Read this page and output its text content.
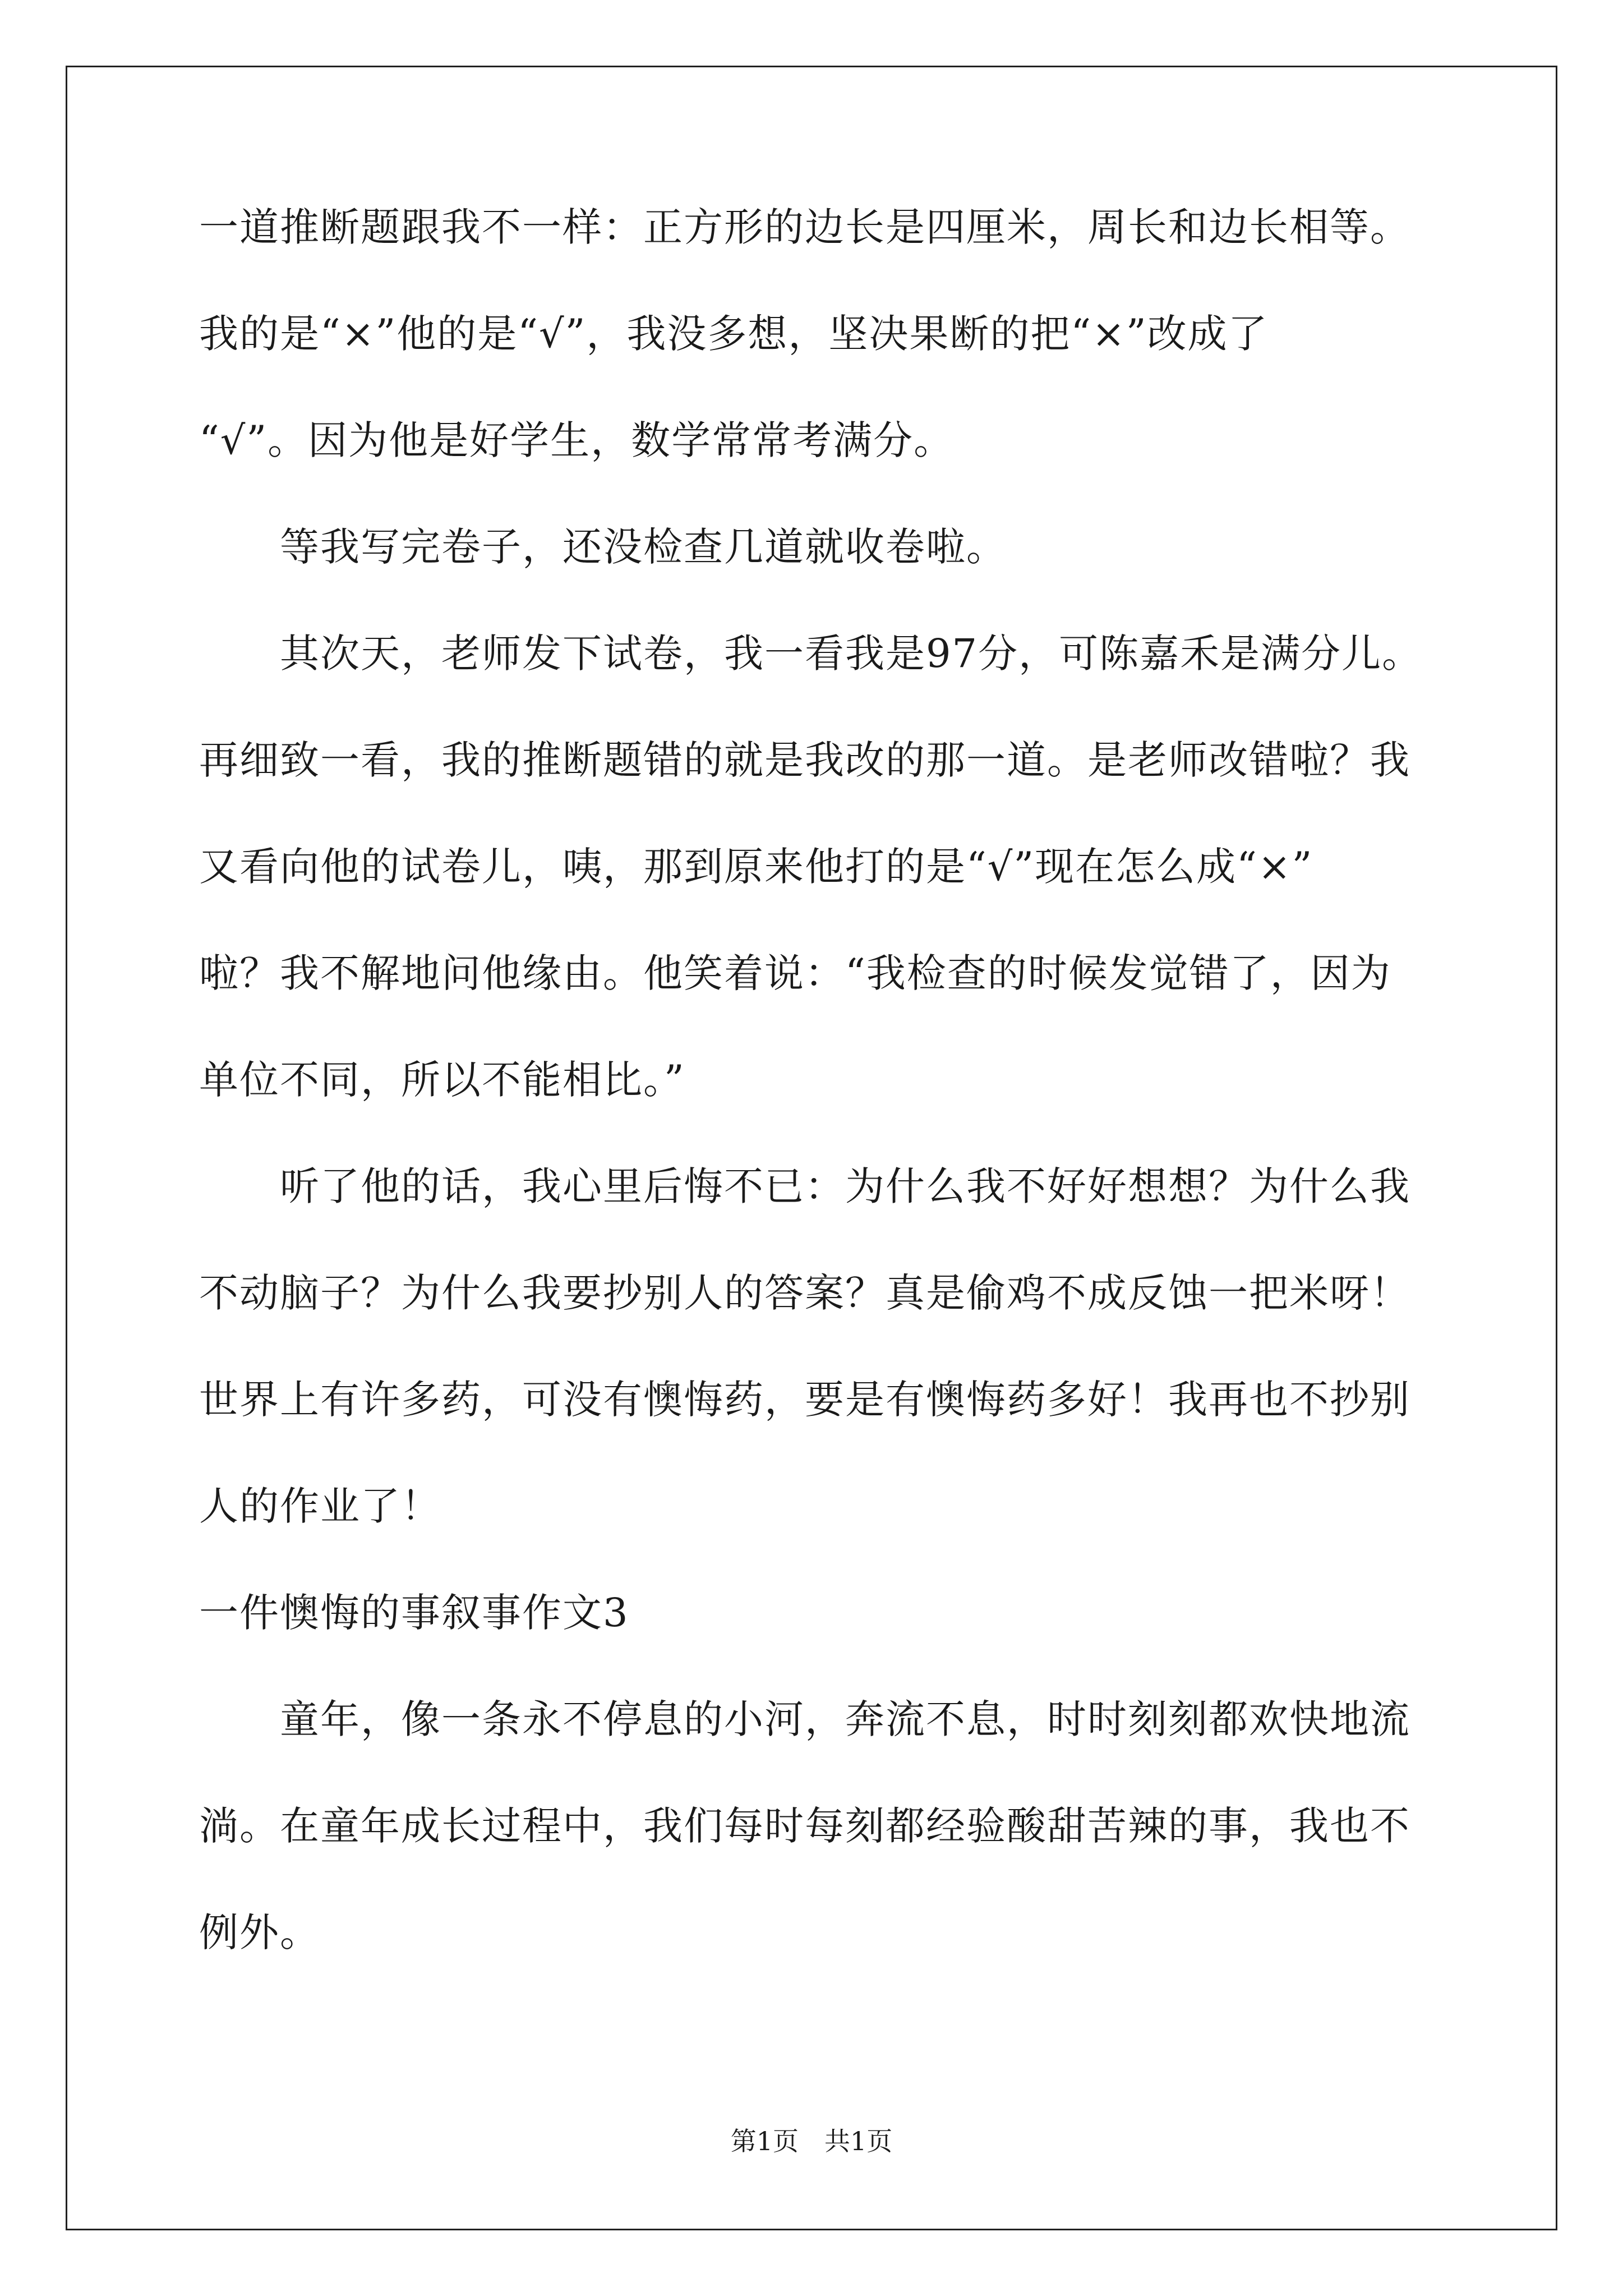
一道推断题跟我不一样：正方形的边长是四厘米，周长和边长相等。
我的是“×”他的是“√”，我没多想，坚决果断的把“×”改成了
“√”。因为他是好学生，数学常常考满分。
　　等我写完卷子，还没检查几道就收卷啦。
　　其次天，老师发下试卷，我一看我是97分，可陈嘉禾是满分儿。
再细致一看，我的推断题错的就是我改的那一道。是老师改错啦？我
又看向他的试卷儿，咦，那到原来他打的是“√”现在怎么成“×”
啦？我不解地问他缘由。他笑着说：“我检查的时候发觉错了，因为
单位不同，所以不能相比。”
　　听了他的话，我心里后悔不已：为什么我不好好想想？为什么我
不动脑子？为什么我要抄别人的答案？真是偷鸡不成反蚀一把米呀！
世界上有许多药，可没有懊悔药，要是有懊悔药多好！我再也不抄别
人的作业了！
一件懊悔的事叙事作文3
　　童年，像一条永不停息的小河，奔流不息，时时刻刻都欢快地流
淌。在童年成长过程中，我们每时每刻都经验酸甜苦辣的事，我也不
例外。
第1页　共1页
